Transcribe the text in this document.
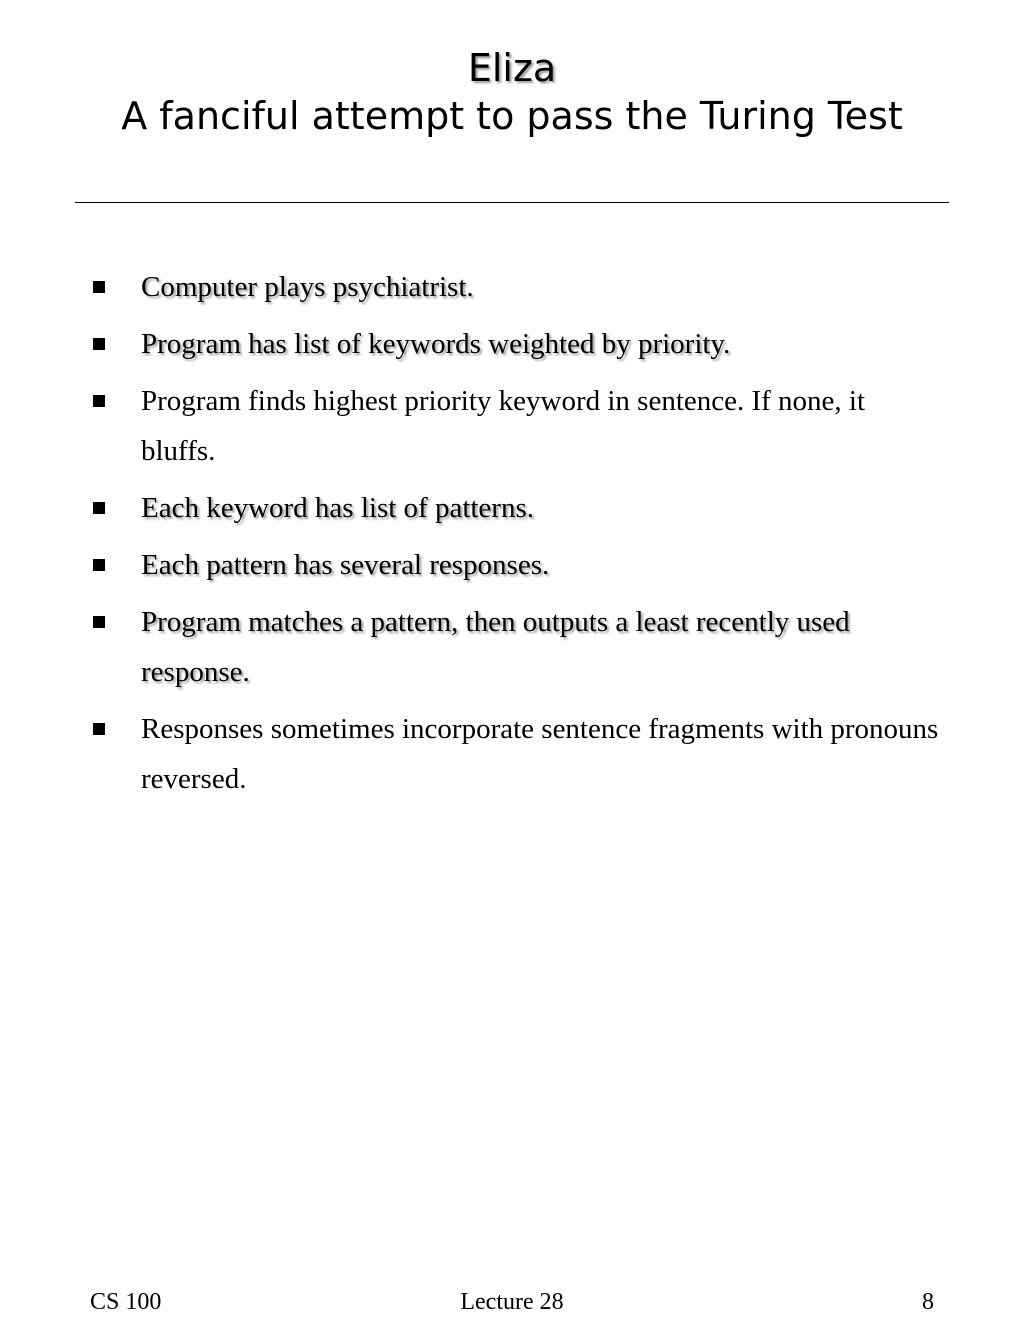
Eliza
A fanciful attempt to pass the Turing Test
Computer plays psychiatrist.
Program has list of keywords weighted by priority.
Program finds highest priority keyword in sentence. If none, it bluffs.
Each keyword has list of patterns.
Each pattern has several responses.
Program matches a pattern, then outputs a least recently used response.
Responses sometimes incorporate sentence fragments with pronouns reversed.
CS 100	Lecture 28	8
